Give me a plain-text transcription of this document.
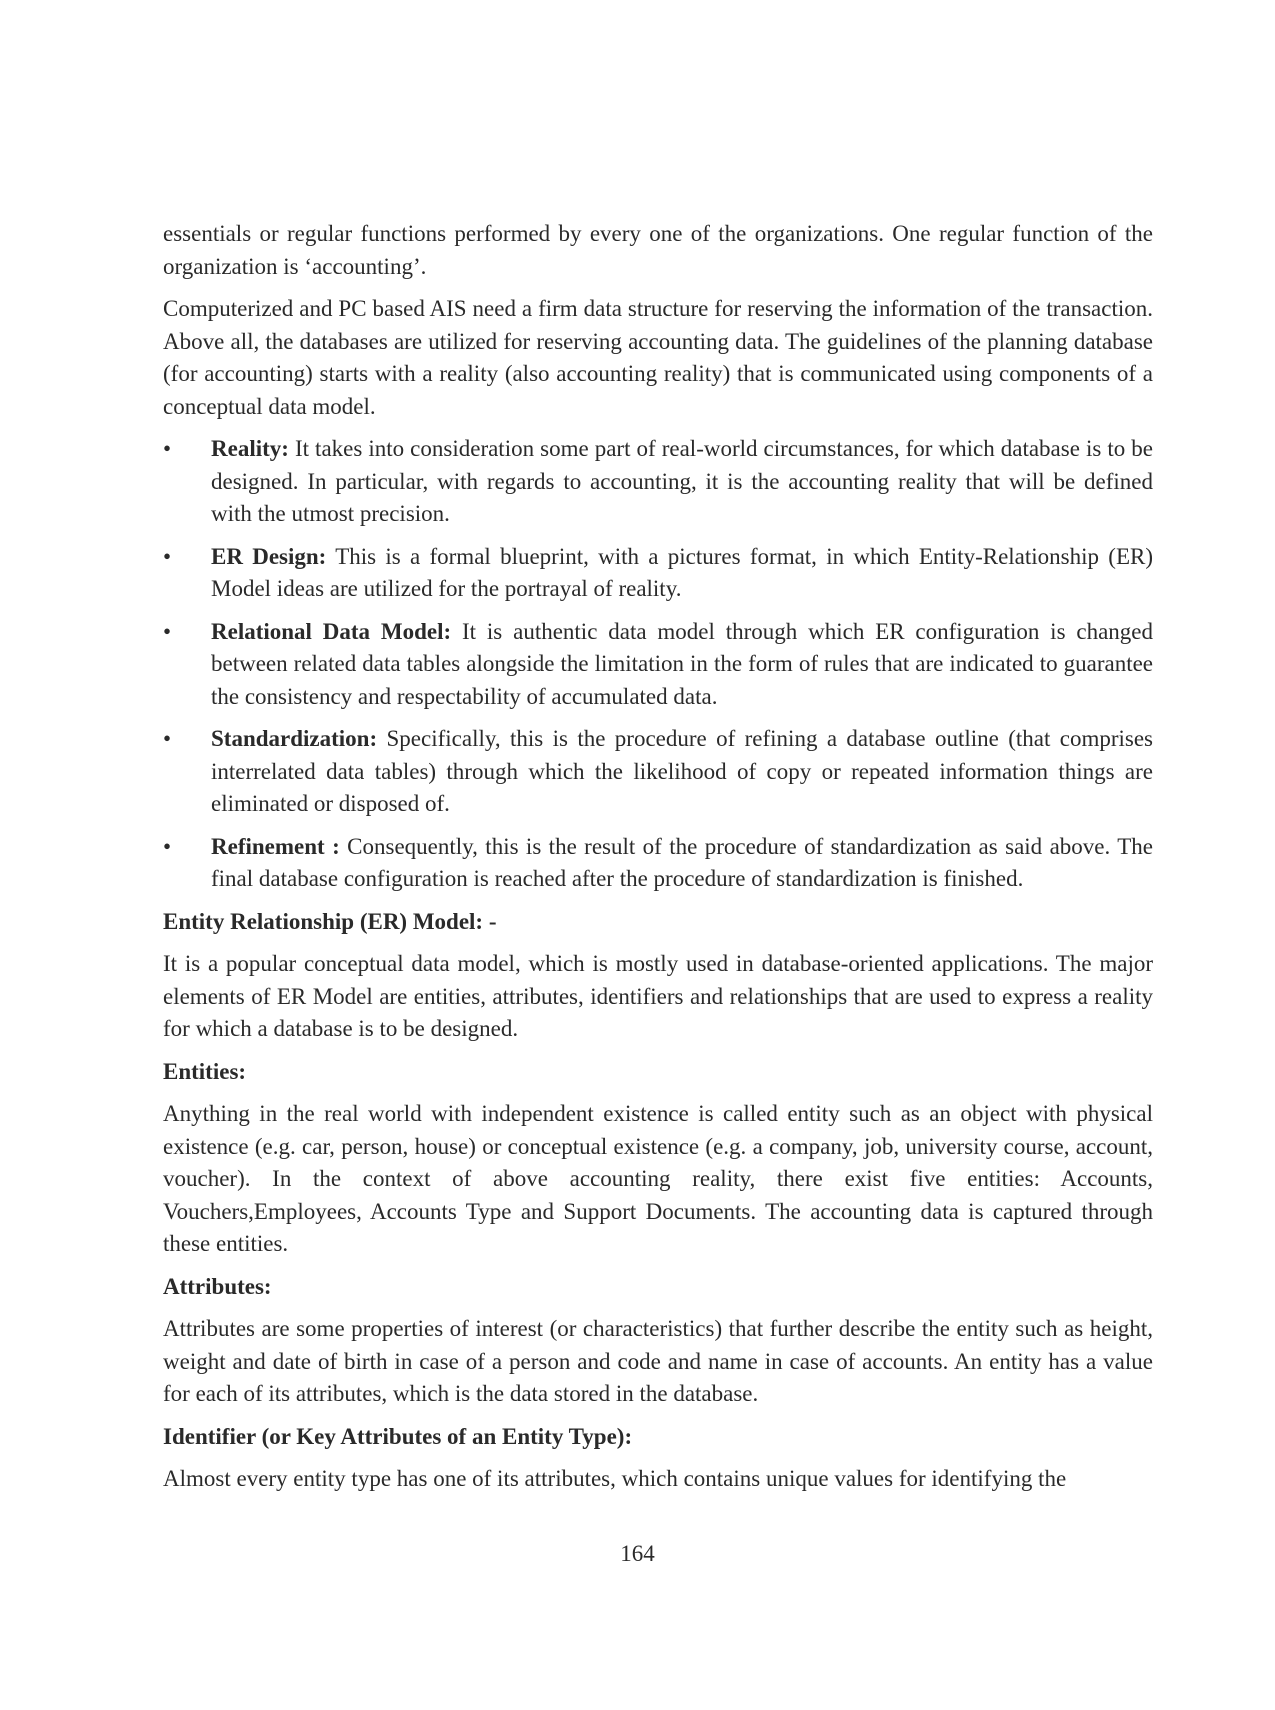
essentials or regular functions performed by every one of the organizations. One regular function of the organization is ‘accounting’.

Computerized and PC based AIS need a firm data structure for reserving the information of the transaction. Above all, the databases are utilized for reserving accounting data. The guidelines of the planning database (for accounting) starts with a reality (also accounting reality) that is communicated using components of a conceptual data model.

• Reality: It takes into consideration some part of real-world circumstances, for which database is to be designed. In particular, with regards to accounting, it is the accounting reality that will be defined with the utmost precision.
• ER Design: This is a formal blueprint, with a pictures format, in which Entity-Relationship (ER) Model ideas are utilized for the portrayal of reality.
• Relational Data Model: It is authentic data model through which ER configuration is changed between related data tables alongside the limitation in the form of rules that are indicated to guarantee the consistency and respectability of accumulated data.
• Standardization: Specifically, this is the procedure of refining a database outline (that comprises interrelated data tables) through which the likelihood of copy or repeated information things are eliminated or disposed of.
• Refinement : Consequently, this is the result of the procedure of standardization as said above. The final database configuration is reached after the procedure of standardization is finished.
Entity Relationship (ER) Model: -

It is a popular conceptual data model, which is mostly used in database-oriented applications. The major elements of ER Model are entities, attributes, identifiers and relationships that are used to express a reality for which a database is to be designed.

Entities:

Anything in the real world with independent existence is called entity such as an object with physical existence (e.g. car, person, house) or conceptual existence (e.g. a company, job, university course, account, voucher). In the context of above accounting reality, there exist five entities: Accounts, Vouchers,Employees, Accounts Type and Support Documents. The accounting data is captured through these entities.

Attributes:

Attributes are some properties of interest (or characteristics) that further describe the entity such as height, weight and date of birth in case of a person and code and name in case of accounts. An entity has a value for each of its attributes, which is the data stored in the database.

Identifier (or Key Attributes of an Entity Type):

Almost every entity type has one of its attributes, which contains unique values for identifying the

164
